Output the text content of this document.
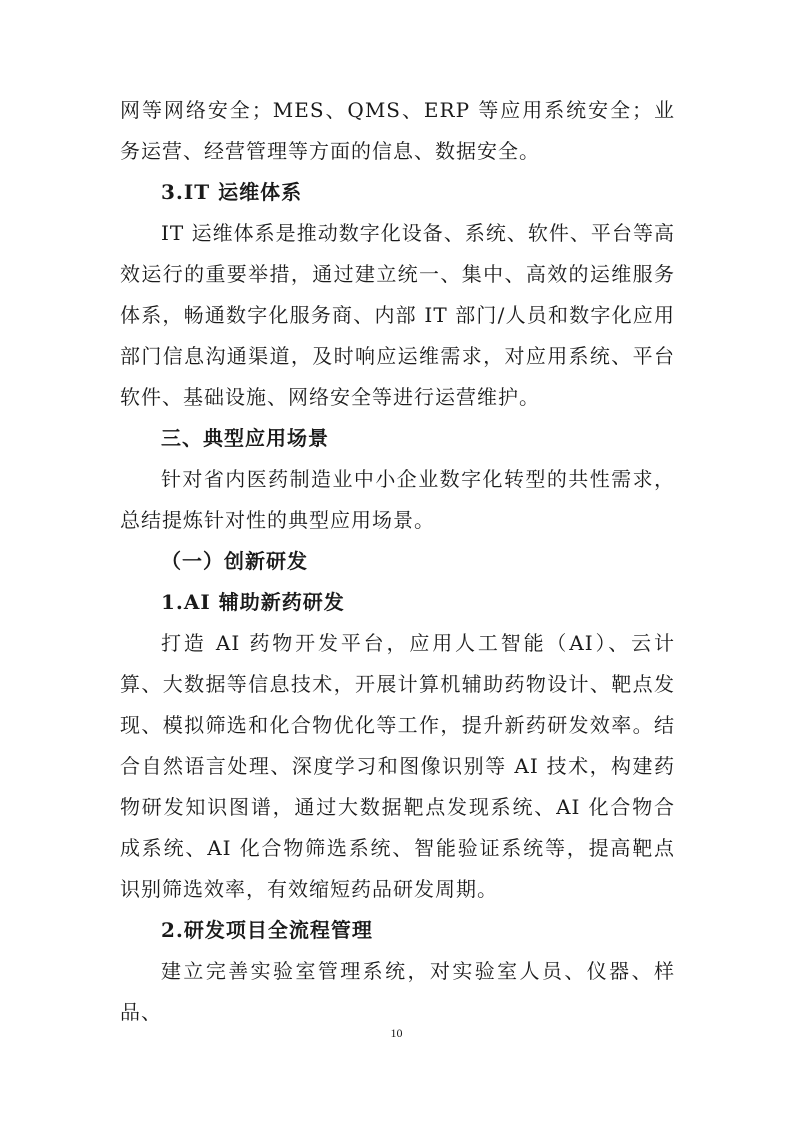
网等网络安全；MES、QMS、ERP 等应用系统安全；业务运营、经营管理等方面的信息、数据安全。

3.IT 运维体系

IT 运维体系是推动数字化设备、系统、软件、平台等高效运行的重要举措，通过建立统一、集中、高效的运维服务体系，畅通数字化服务商、内部 IT 部门/人员和数字化应用部门信息沟通渠道，及时响应运维需求，对应用系统、平台软件、基础设施、网络安全等进行运营维护。

三、典型应用场景

针对省内医药制造业中小企业数字化转型的共性需求，总结提炼针对性的典型应用场景。

（一）创新研发

1.AI 辅助新药研发

打造 AI 药物开发平台，应用人工智能（AI）、云计算、大数据等信息技术，开展计算机辅助药物设计、靶点发现、模拟筛选和化合物优化等工作，提升新药研发效率。结合自然语言处理、深度学习和图像识别等 AI 技术，构建药物研发知识图谱，通过大数据靶点发现系统、AI 化合物合成系统、AI 化合物筛选系统、智能验证系统等，提高靶点识别筛选效率，有效缩短药品研发周期。

2.研发项目全流程管理

建立完善实验室管理系统，对实验室人员、仪器、样品、

10
